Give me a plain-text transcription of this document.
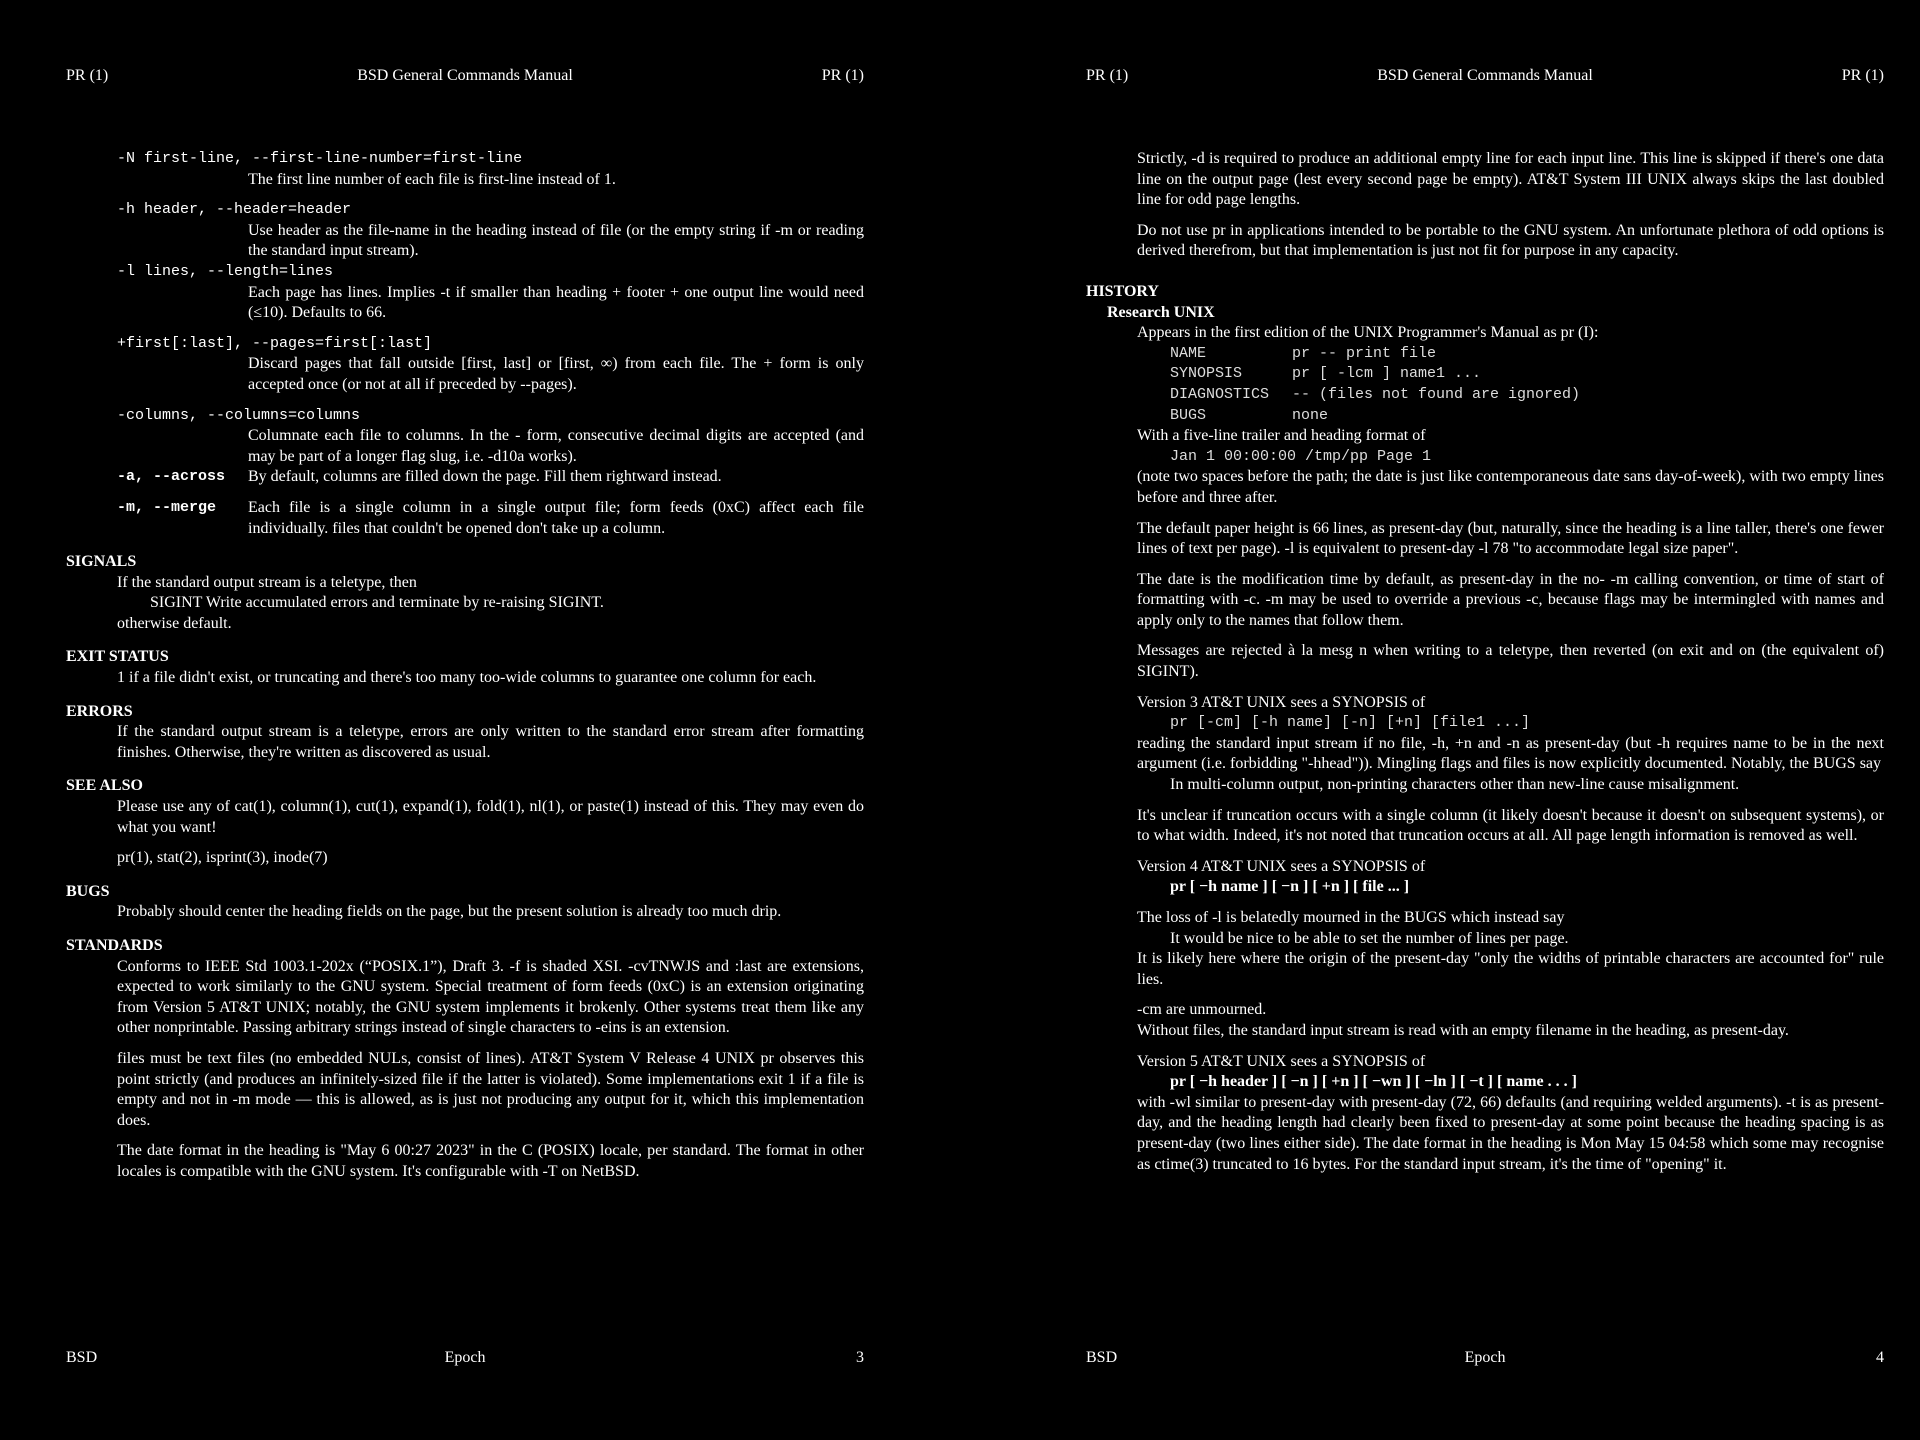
PR (1)	BSD General Commands Manual	PR (1)

-N first-line, --first-line-number=first-line

The first line number of each file is first-line instead of 1.

-h header, --header=header

Use header as the file-name in the heading instead of file (or the empty string if -m or reading the standard input stream).

-l lines, --length=lines

Each page has lines. Implies -t if smaller than heading + footer + one output line would need (≤10). Defaults to 66.

+first[:last], --pages=first[:last]

Discard pages that fall outside [first, last] or [first, ∞) from each file. The + form is only accepted once (or not at all if preceded by --pages).

-columns, --columns=columns

Columnate each file to columns. In the - form, consecutive decimal digits are accepted (and may be part of a longer flag slug, i.e. -d10a works).

-a, --across	By default, columns are filled down the page. Fill them rightward instead.
-m, --merge	Each file is a single column in a single output file; form feeds (0xC) affect each file individually. files that couldn't be opened don't take up a column.

SIGNALS

If the standard output stream is a teletype, then

SIGINT Write accumulated errors and terminate by re-raising SIGINT.

otherwise default.

EXIT STATUS

1 if a file didn't exist, or truncating and there's too many too-wide columns to guarantee one column for each.

ERRORS

If the standard output stream is a teletype, errors are only written to the standard error stream after formatting finishes. Otherwise, they're written as discovered as usual.

SEE ALSO

Please use any of cat(1), column(1), cut(1), expand(1), fold(1), nl(1), or paste(1) instead of this. They may even do what you want!

pr(1), stat(2), isprint(3), inode(7)

BUGS

Probably should center the heading fields on the page, but the present solution is already too much drip.

STANDARDS

Conforms to IEEE Std 1003.1-202x (“POSIX.1”), Draft 3. -f is shaded XSI. -cvTNWJS and :last are extensions, expected to work similarly to the GNU system. Special treatment of form feeds (0xC) is an extension originating from Version 5 AT&T UNIX; notably, the GNU system implements it brokenly. Other systems treat them like any other nonprintable. Passing arbitrary strings instead of single characters to -eins is an extension.

files must be text files (no embedded NULs, consist of lines). AT&T System V Release 4 UNIX pr observes this point strictly (and produces an infinitely-sized file if the latter is violated). Some implementations exit 1 if a file is empty and not in -m mode — this is allowed, as is just not producing any output for it, which this implementation does.

The date format in the heading is "May 6 00:27 2023" in the C (POSIX) locale, per standard. The format in other locales is compatible with the GNU system. It's configurable with -T on NetBSD.

BSD	Epoch	3
PR (1)	BSD General Commands Manual	PR (1)

Strictly, -d is required to produce an additional empty line for each input line. This line is skipped if there's one data line on the output page (lest every second page be empty). AT&T System III UNIX always skips the last doubled line for odd page lengths.

Do not use pr in applications intended to be portable to the GNU system. An unfortunate plethora of odd options is derived therefrom, but that implementation is just not fit for purpose in any capacity.

HISTORY

Research UNIX

Appears in the first edition of the UNIX Programmer's Manual as pr (I):

NAME	pr -- print file
SYNOPSIS	pr [ -lcm ] name1 ...
DIAGNOSTICS	-- (files not found are ignored)
BUGS	none

With a five-line trailer and heading format of

Jan 1 00:00:00 /tmp/pp Page 1

(note two spaces before the path; the date is just like contemporaneous date sans day-of-week), with two empty lines before and three after.

The default paper height is 66 lines, as present-day (but, naturally, since the heading is a line taller, there's one fewer lines of text per page). -l is equivalent to present-day -l 78 "to accommodate legal size paper".

The date is the modification time by default, as present-day in the no- -m calling convention, or time of start of formatting with -c. -m may be used to override a previous -c, because flags may be intermingled with names and apply only to the names that follow them.

Messages are rejected à la mesg n when writing to a teletype, then reverted (on exit and on (the equivalent of) SIGINT).

Version 3 AT&T UNIX sees a SYNOPSIS of

pr [-cm] [-h name] [-n] [+n] [file1 ...]

reading the standard input stream if no file, -h, +n and -n as present-day (but -h requires name to be in the next argument (i.e. forbidding "-hhead")). Mingling flags and files is now explicitly documented. Notably, the BUGS say

In multi-column output, non-printing characters other than new-line cause misalignment.

It's unclear if truncation occurs with a single column (it likely doesn't because it doesn't on subsequent systems), or to what width. Indeed, it's not noted that truncation occurs at all. All page length information is removed as well.

Version 4 AT&T UNIX sees a SYNOPSIS of

pr [ −h name ] [ −n ] [ +n ] [ file ... ]

The loss of -l is belatedly mourned in the BUGS which instead say

It would be nice to be able to set the number of lines per page.

It is likely here where the origin of the present-day "only the widths of printable characters are accounted for" rule lies.

-cm are unmourned.

Without files, the standard input stream is read with an empty filename in the heading, as present-day.

Version 5 AT&T UNIX sees a SYNOPSIS of

pr [ −h header ] [ −n ] [ +n ] [ −wn ] [ −ln ] [ −t ] [ name . . . ]

with -wl similar to present-day with present-day (72, 66) defaults (and requiring welded arguments). -t is as present-day, and the heading length had clearly been fixed to present-day at some point because the heading spacing is as present-day (two lines either side). The date format in the heading is Mon May 15 04:58 which some may recognise as ctime(3) truncated to 16 bytes. For the standard input stream, it's the time of "opening" it.

BSD	Epoch	4
